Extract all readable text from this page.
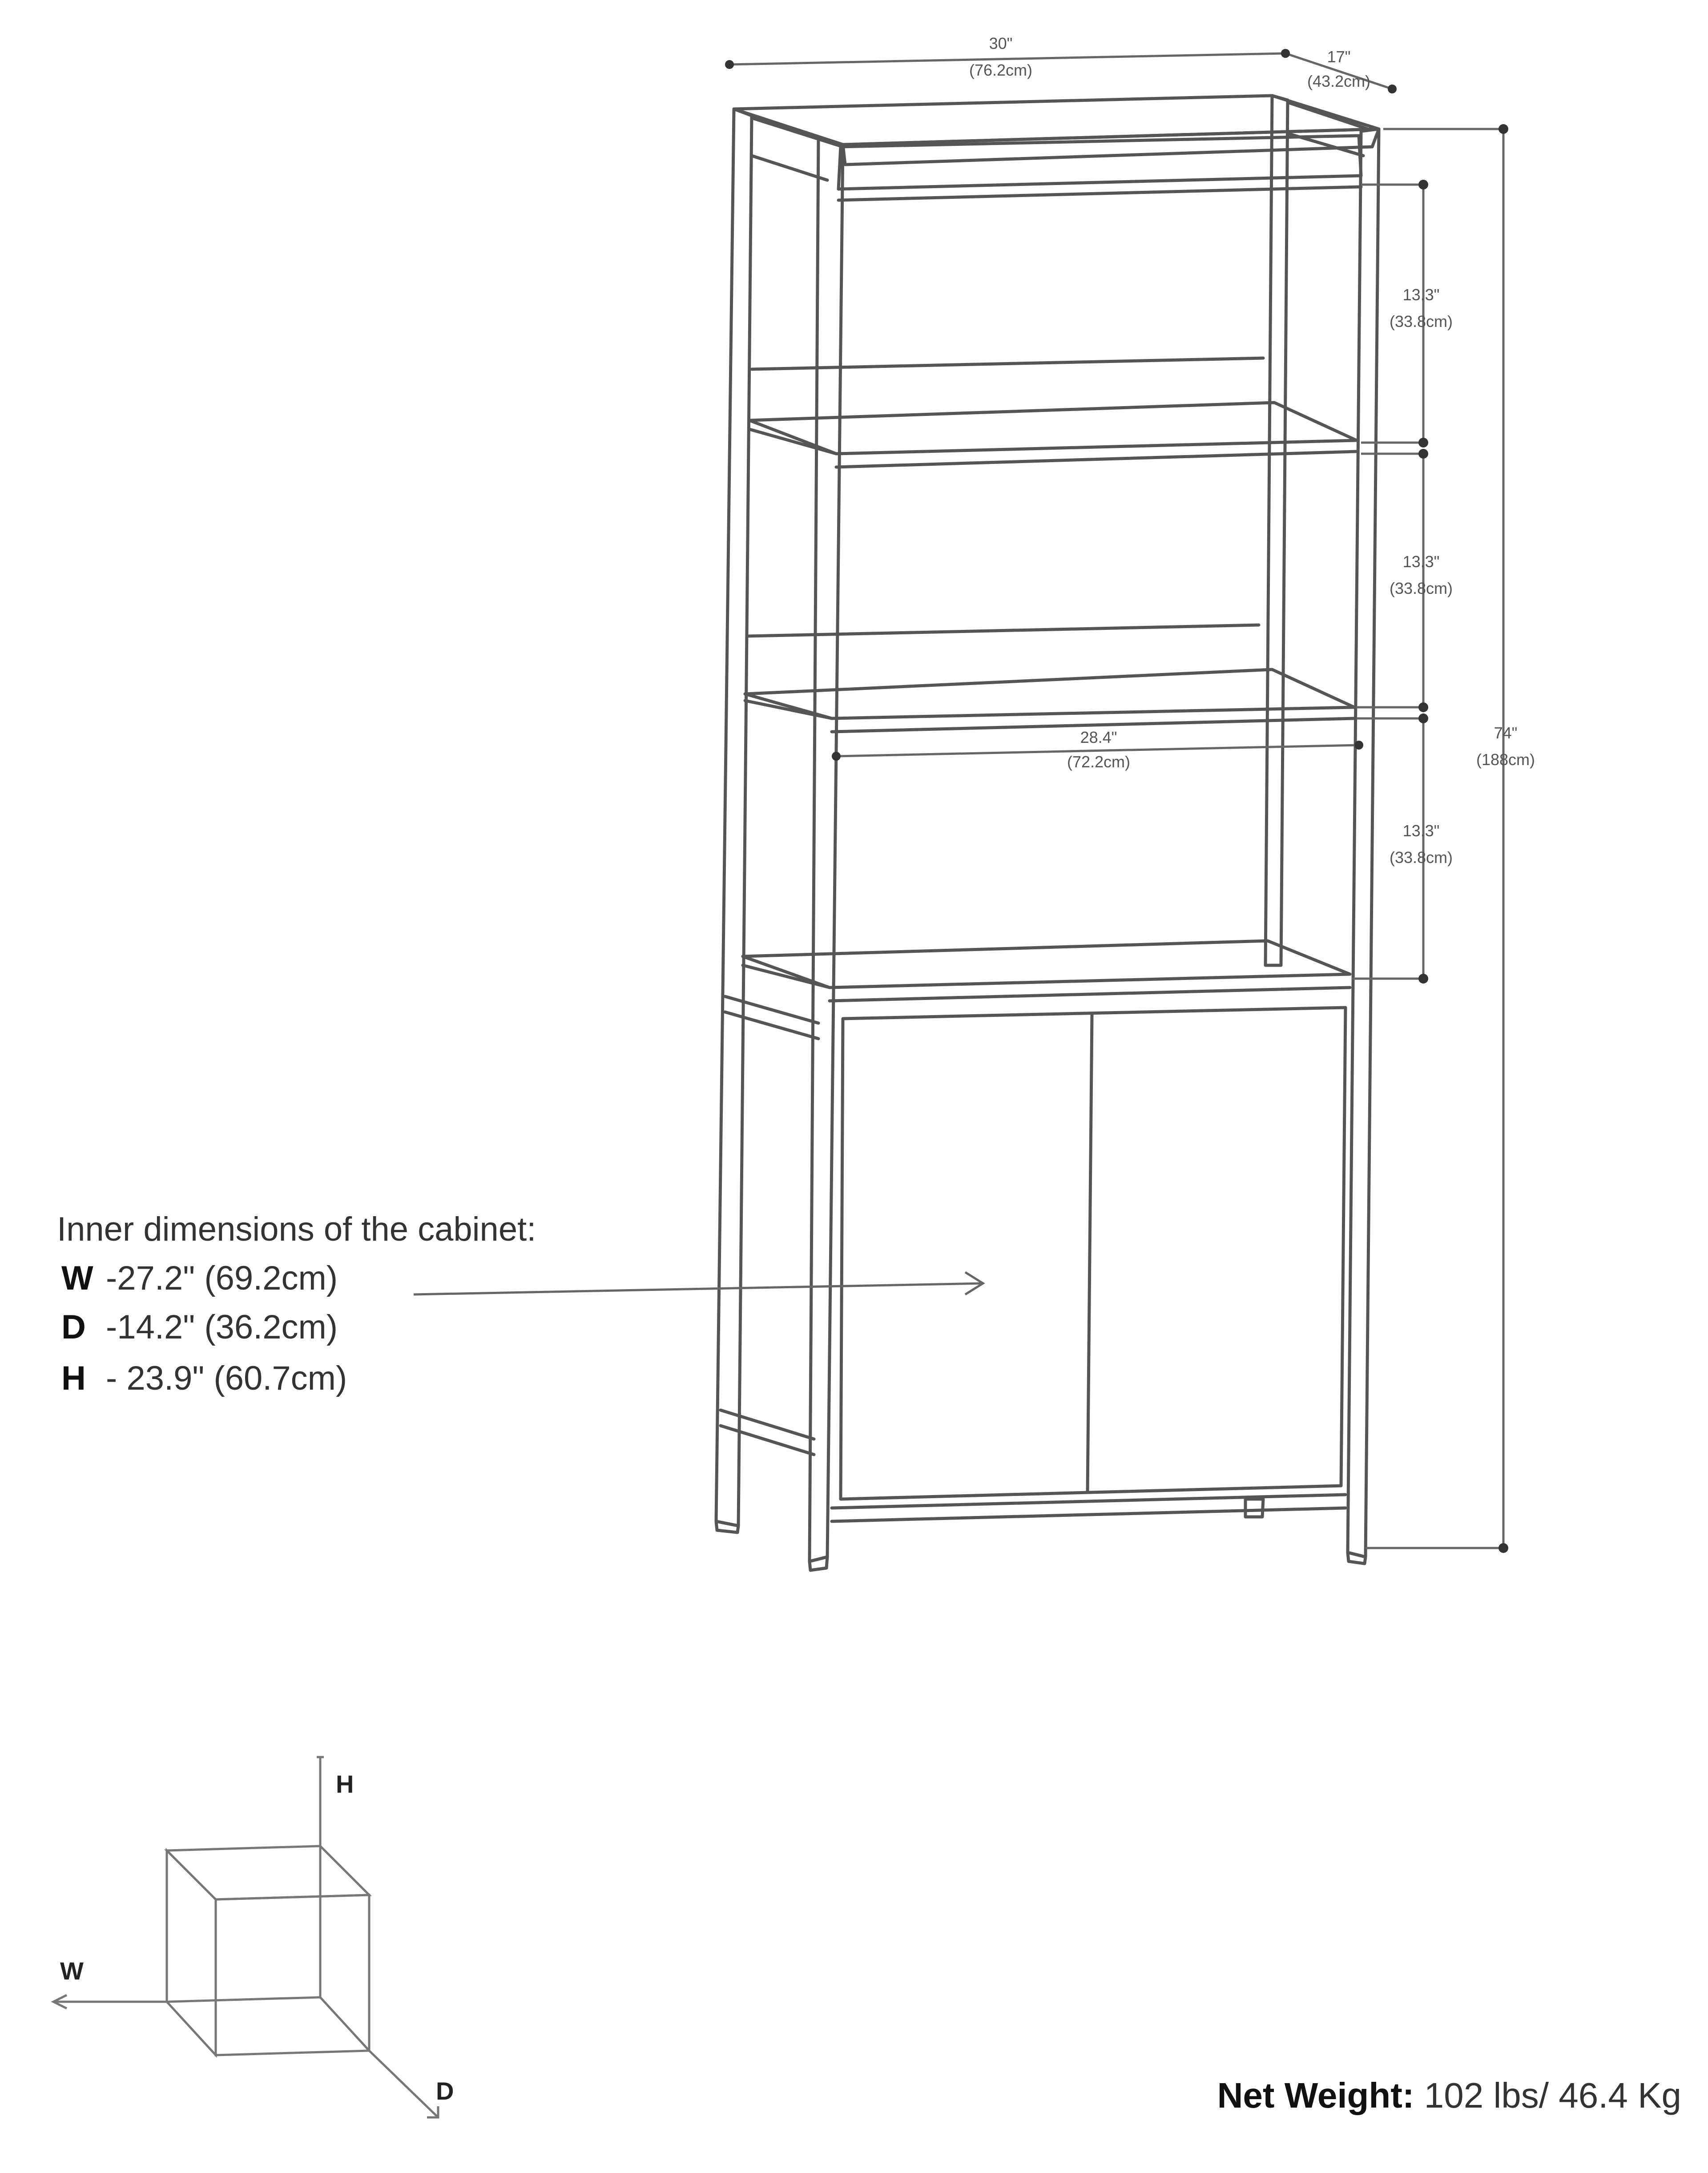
30"
(76.2cm)
17"
(43.2cm)
74"
(188cm)
13.3"
(33.8cm)
13.3"
(33.8cm)
13.3"
(33.8cm)
28.4"
(72.2cm)
H
W
D
Inner dimensions of the cabinet:
W -27.2" (69.2cm)
D -14.2" (36.2cm)
H - 23.9" (60.7cm)
Net Weight: 102 lbs/ 46.4 Kg
